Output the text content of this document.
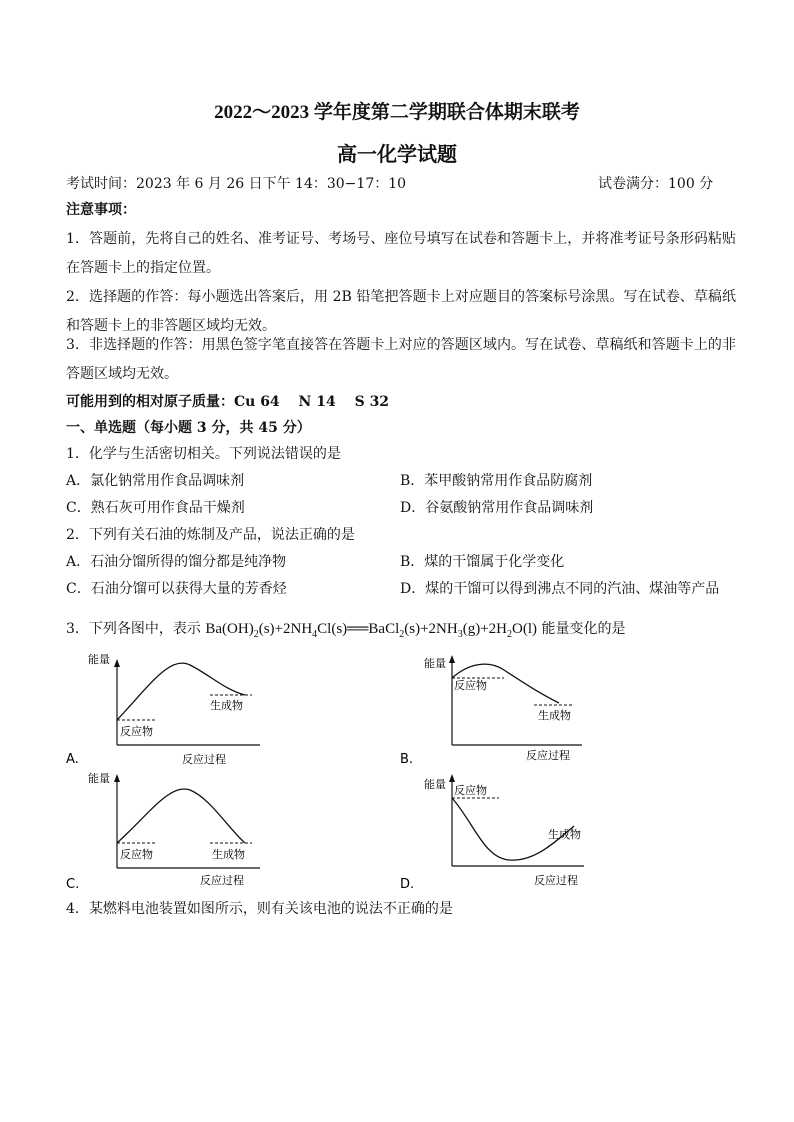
2022～2023 学年度第二学期联合体期末联考
高一化学试题
考试时间：2023 年 6 月 26 日下午 14：30−17：10	试卷满分：100 分
注意事项：
1．答题前，先将自己的姓名、准考证号、考场号、座位号填写在试卷和答题卡上，并将准考证号条形码粘贴在答题卡上的指定位置。
2．选择题的作答：每小题选出答案后，用 2B 铅笔把答题卡上对应题目的答案标号涂黑。写在试卷、草稿纸和答题卡上的非答题区域均无效。
3．非选择题的作答：用黑色签字笔直接答在答题卡上对应的答题区域内。写在试卷、草稿纸和答题卡上的非答题区域均无效。
可能用到的相对原子质量：Cu 64　 N 14　 S 32
一、单选题（每小题 3 分，共 45 分）
1．化学与生活密切相关。下列说法错误的是
A．氯化钠常用作食品调味剂	B．苯甲酸钠常用作食品防腐剂
C．熟石灰可用作食品干燥剂	D．谷氨酸钠常用作食品调味剂
2．下列有关石油的炼制及产品，说法正确的是
A．石油分馏所得的馏分都是纯净物	B．煤的干馏属于化学变化
C．石油分馏可以获得大量的芳香烃	D．煤的干馏可以得到沸点不同的汽油、煤油等产品
3．下列各图中，表示 $Ba(OH)_2(s)+2NH_4Cl(s)══BaCl_2(s)+2NH_3(g)+2H_2O(l)$ 能量变化的是
能量
反应物
生成物
反应过程
A.
能量
反应物
生成物
反应过程
B.
能量
反应物	生成物
反应过程
C.
能量 反应物
生成物
反应过程
D.
4．某燃料电池装置如图所示，则有关该电池的说法不正确的是
